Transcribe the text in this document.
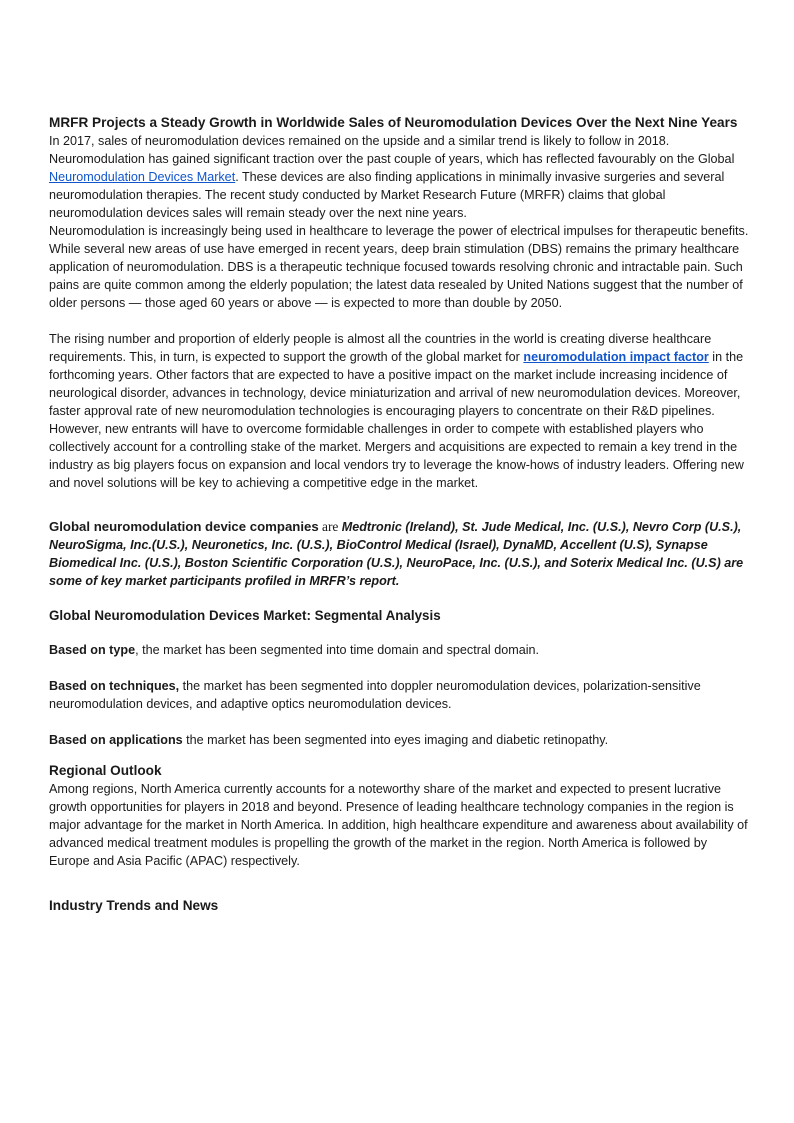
MRFR Projects a Steady Growth in Worldwide Sales of Neuromodulation Devices Over the Next Nine Years

In 2017, sales of neuromodulation devices remained on the upside and a similar trend is likely to follow in 2018. Neuromodulation has gained significant traction over the past couple of years, which has reflected favourably on the Global Neuromodulation Devices Market. These devices are also finding applications in minimally invasive surgeries and several neuromodulation therapies. The recent study conducted by Market Research Future (MRFR) claims that global neuromodulation devices sales will remain steady over the next nine years.

Neuromodulation is increasingly being used in healthcare to leverage the power of electrical impulses for therapeutic benefits. While several new areas of use have emerged in recent years, deep brain stimulation (DBS) remains the primary healthcare application of neuromodulation. DBS is a therapeutic technique focused towards resolving chronic and intractable pain. Such pains are quite common among the elderly population; the latest data resealed by United Nations suggest that the number of older persons — those aged 60 years or above — is expected to more than double by 2050.

The rising number and proportion of elderly people is almost all the countries in the world is creating diverse healthcare requirements. This, in turn, is expected to support the growth of the global market for neuromodulation impact factor in the forthcoming years. Other factors that are expected to have a positive impact on the market include increasing incidence of neurological disorder, advances in technology, device miniaturization and arrival of new neuromodulation devices. Moreover, faster approval rate of new neuromodulation technologies is encouraging players to concentrate on their R&D pipelines. However, new entrants will have to overcome formidable challenges in order to compete with established players who collectively account for a controlling stake of the market. Mergers and acquisitions are expected to remain a key trend in the industry as big players focus on expansion and local vendors try to leverage the know-hows of industry leaders. Offering new and novel solutions will be key to achieving a competitive edge in the market.

Global neuromodulation device companies are Medtronic (Ireland), St. Jude Medical, Inc. (U.S.), Nevro Corp (U.S.), NeuroSigma, Inc.(U.S.), Neuronetics, Inc. (U.S.), BioControl Medical (Israel), DynaMD, Accellent (U.S), Synapse Biomedical Inc. (U.S.), Boston Scientific Corporation (U.S.), NeuroPace, Inc. (U.S.), and Soterix Medical Inc. (U.S) are some of key market participants profiled in MRFR’s report.

Global Neuromodulation Devices Market: Segmental Analysis

Based on type, the market has been segmented into time domain and spectral domain.

Based on techniques, the market has been segmented into doppler neuromodulation devices, polarization-sensitive neuromodulation devices, and adaptive optics neuromodulation devices.

Based on applications the market has been segmented into eyes imaging and diabetic retinopathy.

Regional Outlook

Among regions, North America currently accounts for a noteworthy share of the market and expected to present lucrative growth opportunities for players in 2018 and beyond. Presence of leading healthcare technology companies in the region is major advantage for the market in North America. In addition, high healthcare expenditure and awareness about availability of advanced medical treatment modules is propelling the growth of the market in the region. North America is followed by Europe and Asia Pacific (APAC) respectively.

Industry Trends and News
